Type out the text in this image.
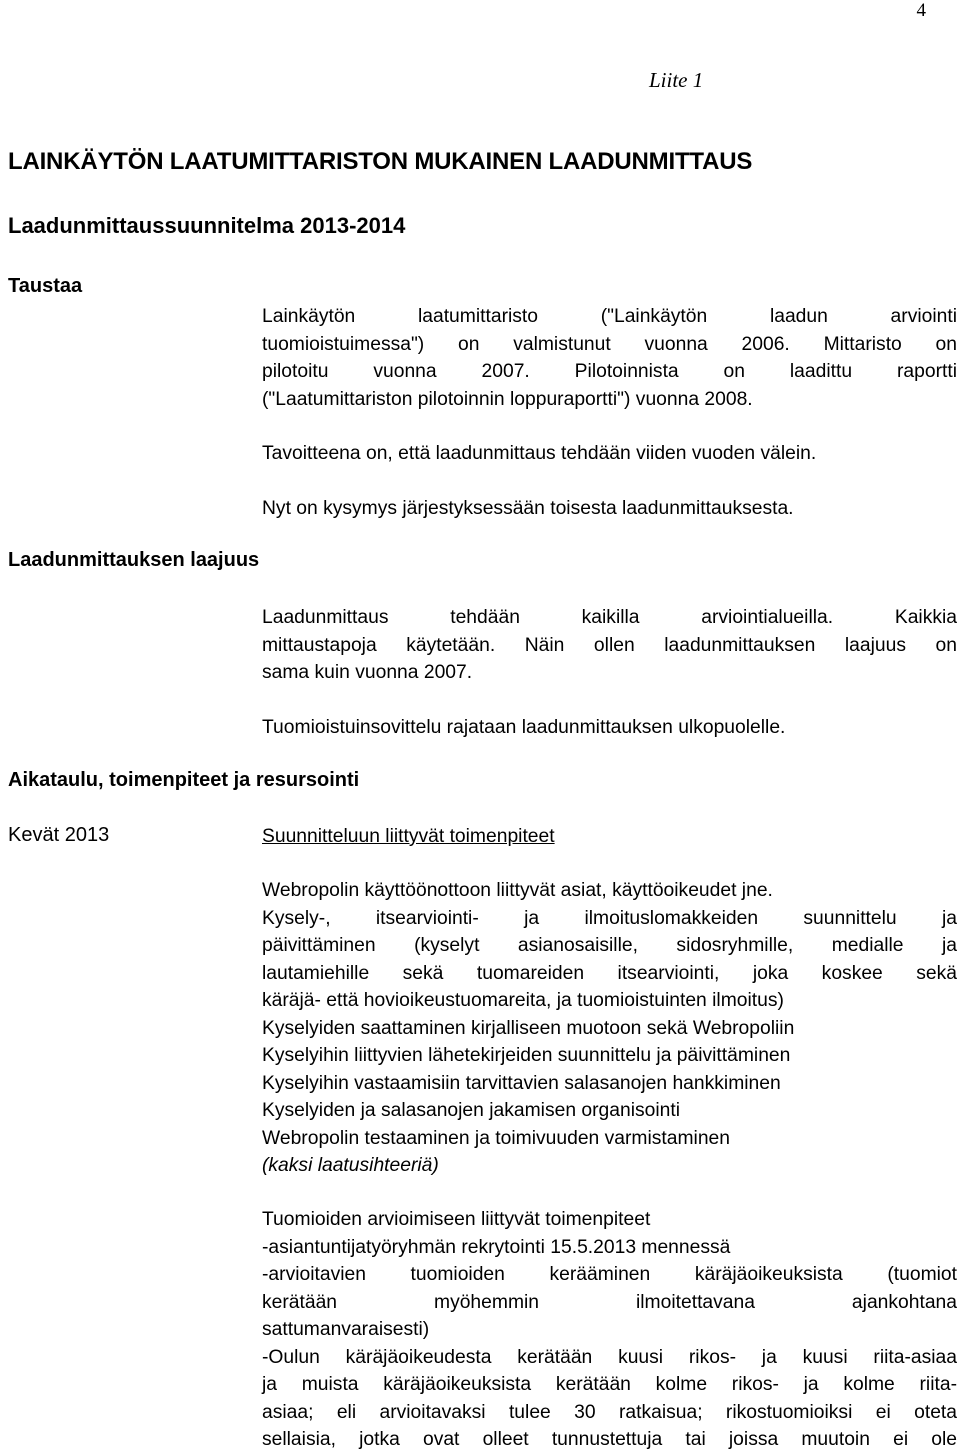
4
Liite 1
LAINKÄYTÖN LAATUMITTARISTON MUKAINEN LAADUNMITTAUS
Laadunmittaussuunnitelma 2013-2014
Taustaa
Lainkäytön laatumittaristo ("Lainkäytön laadun arviointi
tuomioistuimessa") on valmistunut vuonna 2006. Mittaristo on
pilotoitu vuonna 2007. Pilotoinnista on laadittu raportti
("Laatumittariston pilotoinnin loppuraportti") vuonna 2008.
Tavoitteena on, että laadunmittaus tehdään viiden vuoden välein.
Nyt on kysymys järjestyksessään toisesta laadunmittauksesta.
Laadunmittauksen laajuus
Laadunmittaus tehdään kaikilla arviointialueilla. Kaikkia
mittaustapoja käytetään. Näin ollen laadunmittauksen laajuus on
sama kuin vuonna 2007.
Tuomioistuinsovittelu rajataan laadunmittauksen ulkopuolelle.
Aikataulu, toimenpiteet ja resursointi
Kevät 2013	Suunnitteluun liittyvät toimenpiteet
Webropolin käyttöönottoon liittyvät asiat, käyttöoikeudet jne.
Kysely-, itsearviointi- ja ilmoituslomakkeiden suunnittelu ja
päivittäminen (kyselyt asianosaisille, sidosryhmille, medialle ja
lautamiehille sekä tuomareiden itsearviointi, joka koskee sekä
käräjä- että hovioikeustuomareita, ja tuomioistuinten ilmoitus)
Kyselyiden saattaminen kirjalliseen muotoon sekä Webropoliin
Kyselyihin liittyvien lähetekirjeiden suunnittelu ja päivittäminen
Kyselyihin vastaamisiin tarvittavien salasanojen hankkiminen
Kyselyiden ja salasanojen jakamisen organisointi
Webropolin testaaminen ja toimivuuden varmistaminen
(kaksi laatusihteeriä)
Tuomioiden arvioimiseen liittyvät toimenpiteet
-asiantuntijatyöryhmän rekrytointi 15.5.2013 mennessä
-arvioitavien tuomioiden kerääminen käräjäoikeuksista (tuomiot
kerätään myöhemmin ilmoitettavana ajankohtana
sattumanvaraisesti)
-Oulun käräjäoikeudesta kerätään kuusi rikos- ja kuusi riita-asiaa
ja muista käräjäoikeuksista kerätään kolme rikos- ja kolme riita-
asiaa; eli arvioitavaksi tulee 30 ratkaisua; rikostuomioiksi ei oteta
sellaisia, jotka ovat olleet tunnustettuja tai joissa muutoin ei ole
